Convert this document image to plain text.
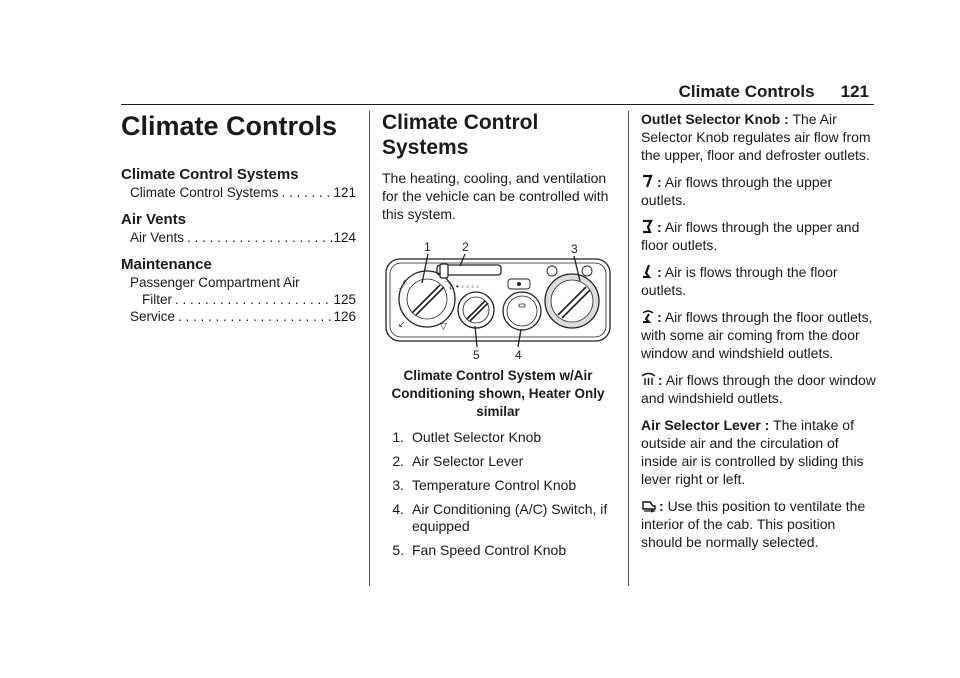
Climate Controls 121
Climate Controls
Climate Control Systems
Climate Control Systems . . .	121
Air Vents
Air Vents . . .	124
Maintenance
Passenger Compartment Air
Filter . . .	125
Service . . .	126
Climate Control
Systems
The heating, cooling, and ventilation for the vehicle can be controlled with this system.
1	2	3
5	4
⤴	⤵
↙	▽
• ◦ ◦ ◦ ◦
Climate Control System w/Air Conditioning shown, Heater Only similar
1. Outlet Selector Knob
2. Air Selector Lever
3. Temperature Control Knob
4. Air Conditioning (A/C) Switch, if equipped
5. Fan Speed Control Knob

Outlet Selector Knob : The Air Selector Knob regulates air flow from the upper, floor and defroster outlets.

: Air flows through the upper outlets.

: Air flows through the upper and floor outlets.

: Air is flows through the floor outlets.

: Air flows through the floor outlets, with some air coming from the door window and windshield outlets.

: Air flows through the door window and windshield outlets.

Air Selector Lever : The intake of outside air and the circulation of inside air is controlled by sliding this lever right or left.

: Use this position to ventilate the interior of the cab. This position should be normally selected.
